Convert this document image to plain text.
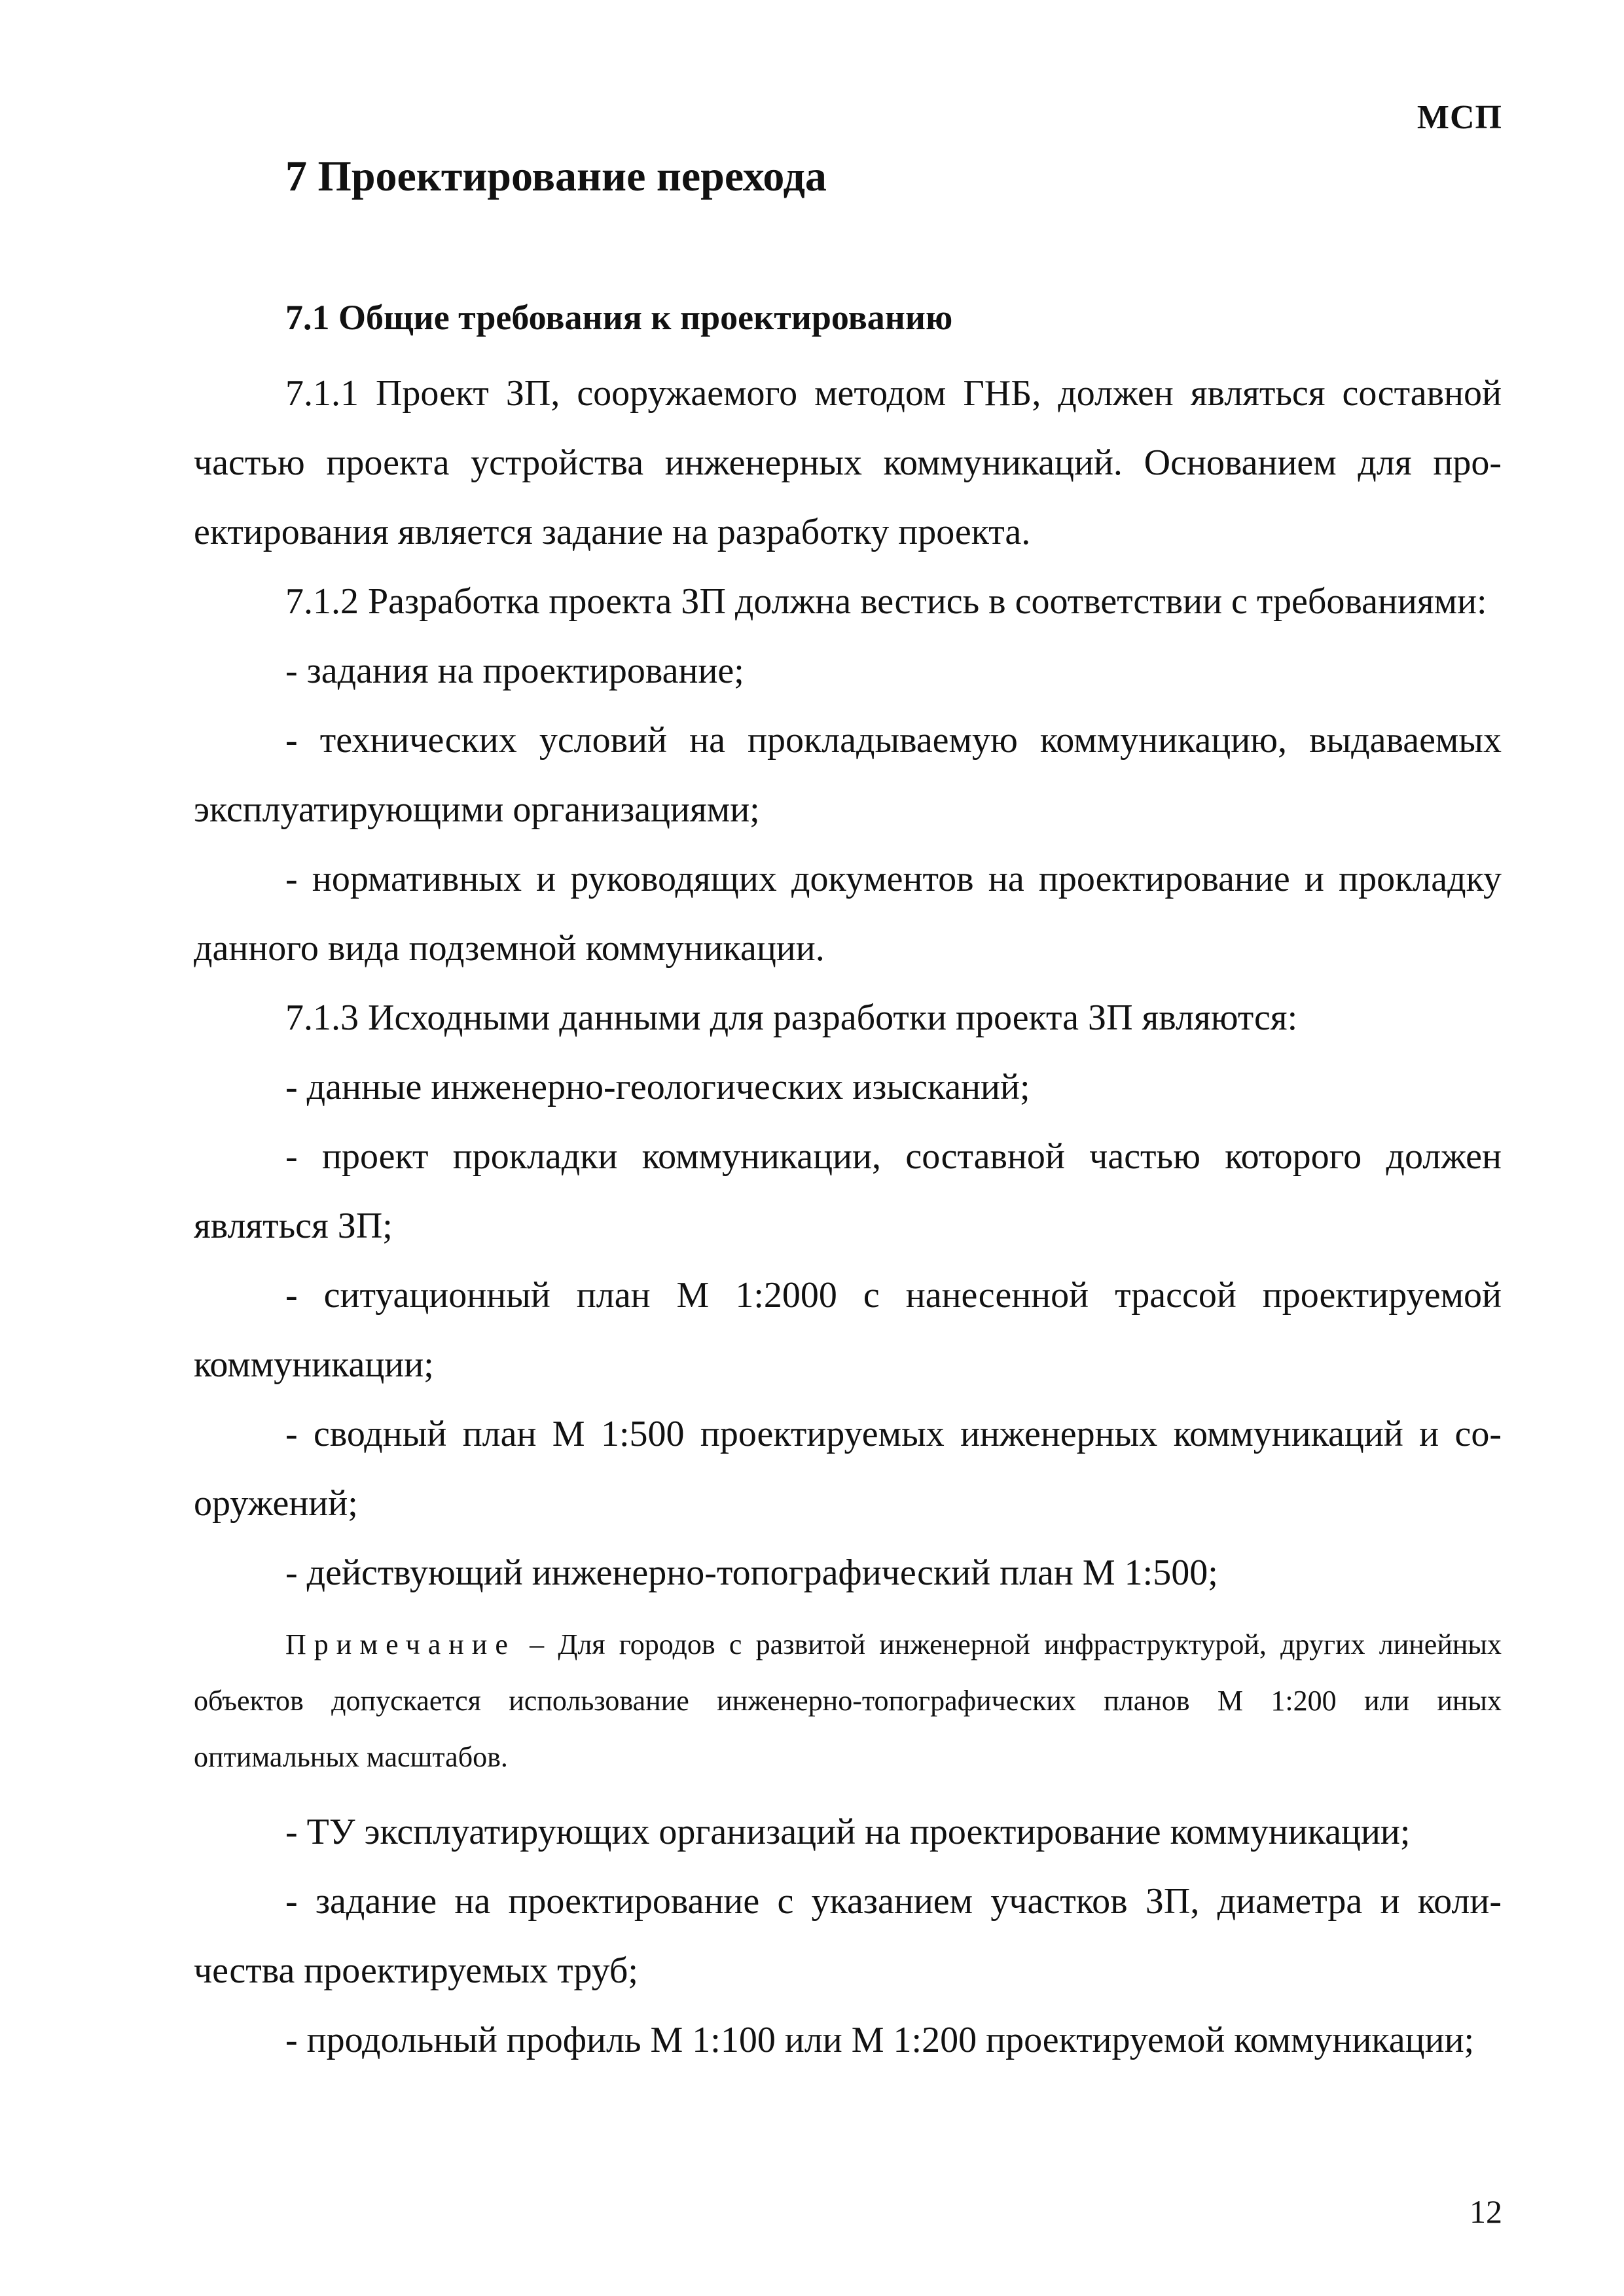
МСП
7 Проектирование перехода
7.1 Общие требования к проектированию

7.1.1 Проект ЗП, сооружаемого методом ГНБ, должен являться составной частью проекта устройства инженерных коммуникаций. Основанием для проектирования является задание на разработку проекта.

7.1.2 Разработка проекта ЗП должна вестись в соответствии с требованиями:

- задания на проектирование;

- технических условий на прокладываемую коммуникацию, выдаваемых эксплуатирующими организациями;

- нормативных и руководящих документов на проектирование и прокладку данного вида подземной коммуникации.

7.1.3 Исходными данными для разработки проекта ЗП являются:

- данные инженерно-геологических изысканий;

- проект прокладки коммуникации, составной частью которого должен являться ЗП;

- ситуационный план М 1:2000 с нанесенной трассой проектируемой коммуникации;

- сводный план М 1:500 проектируемых инженерных коммуникаций и сооружений;

- действующий инженерно-топографический план М 1:500;

Примечание – Для городов с развитой инженерной инфраструктурой, других линейных объектов допускается использование инженерно-топографических планов М 1:200 или иных оптимальных масштабов.

- ТУ эксплуатирующих организаций на проектирование коммуникации;

- задание на проектирование с указанием участков ЗП, диаметра и количества проектируемых труб;

- продольный профиль М 1:100 или М 1:200 проектируемой коммуникации;

12
